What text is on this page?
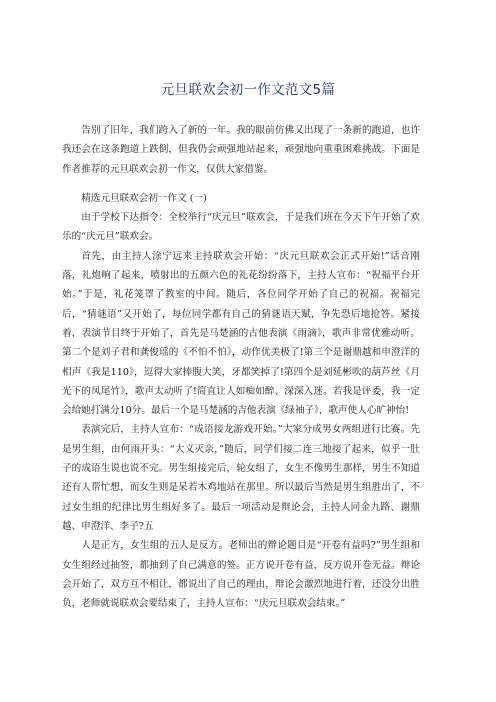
元旦联欢会初一作文范文5篇

告别了旧年，我们跨入了新的一年。我的眼前仿佛又出现了一条新的跑道，也许我还会在这条跑道上跌倒，但我仍会顽强地站起来，顽强地向重重困难挑战。下面是作者推荐的元旦联欢会初一作文，仅供大家借鉴。

精选元旦联欢会初一作文 (一)

由于学校下达指令：全校举行“庆元旦”联欢会，于是我们班在今天下午开始了欢乐的“庆元旦”联欢会。

首先，由主持人涂宁远来主持联欢会开始：“庆元旦联欢会正式开始!”话音刚落，礼炮响了起来，喷射出的五颜六色的礼花纷纷落下，主持人宣布：“祝福平台开始。”于是，礼花笼罩了教室的中间。随后，各位同学开始了自己的祝福。祝福完后，“猜谜语”又开始了，每位同学都有自己的猜谜语天赋，争先恐后地抢答。紧接着，表演节目终于开始了，首先是马楚涵的古他表演《雨滴》，歌声非常优雅动听。第二个是刘子君和龚俊瑶的《不怕不怕》，动作优美极了!第三个是谢鼎越和申澄洋的相声《我是110》，逗得大家捧腹大笑，牙都笑掉了!第四个是刘延彬吹的葫芦丝《月光下的凤尾竹》，歌声太动听了!简直让人如痴如醉、深深入迷。若我是评委，我一定会给她打满分10分。最后一个是马楚涵的吉他表演《绿袖子》，歌声使人心旷神怡!

表演完后，主持人宣布：“成语接龙游戏开始。”大家分成男女两组进行比赛。先是男生组，由何雨开头：“大义灭亲，”随后，同学们接二连三地接了起来，似乎一肚子的成语生说也说不完。男生组接完后，轮女组了，女生不像男生那样，男生不知道还有人帮忙想，而女生则是呆若木鸡地站在那里。所以最后当然是男生组胜出了，不过女生组的纪律比男生组好多了。最后一项活动是辩论会，主持人同金九路、谢鼎越、申澄洋、李子?五

人是正方，女生组的五人是反方。老师出的辩论题目是“开卷有益吗?”男生组和女生组经过抽签，都抽到了自己满意的签。正方说开卷有益，反方说开卷无益。辩论会开始了，双方互不相让，都说出了自己的理由，辩论会激烈地进行着，还没分出胜负，老师就说联欢会要结束了，主持人宣布：“庆元旦联欢会结束。”
